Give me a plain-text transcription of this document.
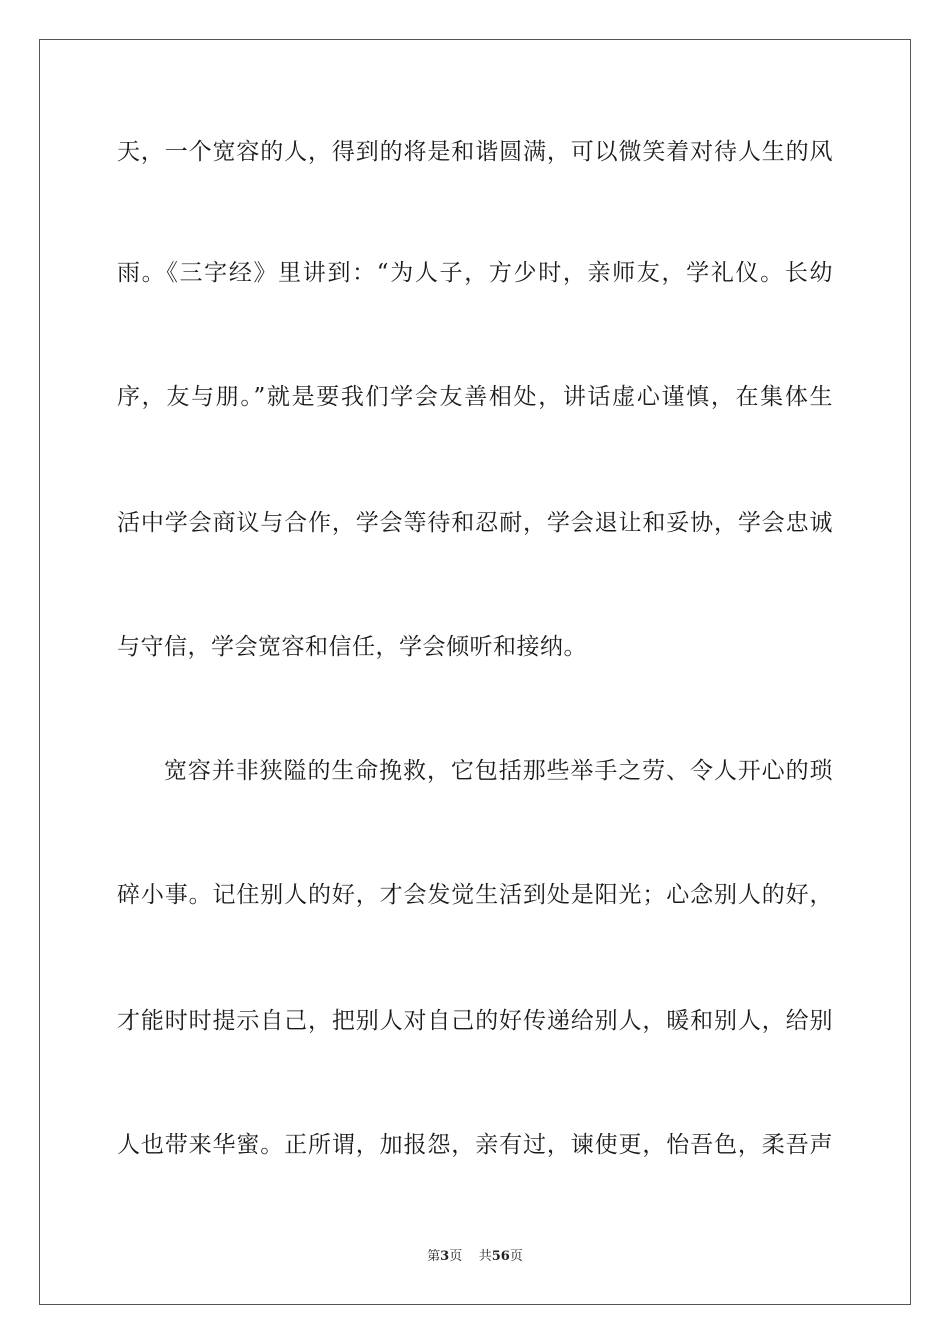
天，一个宽容的人，得到的将是和谐圆满，可以微笑着对待人生的风
雨。《三字经》里讲到：“为人子，方少时，亲师友，学礼仪。长幼
序，友与朋。”就是要我们学会友善相处，讲话虚心谨慎，在集体生
活中学会商议与合作，学会等待和忍耐，学会退让和妥协，学会忠诚
与守信，学会宽容和信任，学会倾听和接纳。
宽容并非狭隘的生命挽救，它包括那些举手之劳、令人开心的琐
碎小事。记住别人的好，才会发觉生活到处是阳光；心念别人的好，
才能时时提示自己，把别人对自己的好传递给别人，暖和别人，给别
人也带来华蜜。正所谓，加报怨，亲有过，谏使更，怡吾色，柔吾声
第3页 共56页
